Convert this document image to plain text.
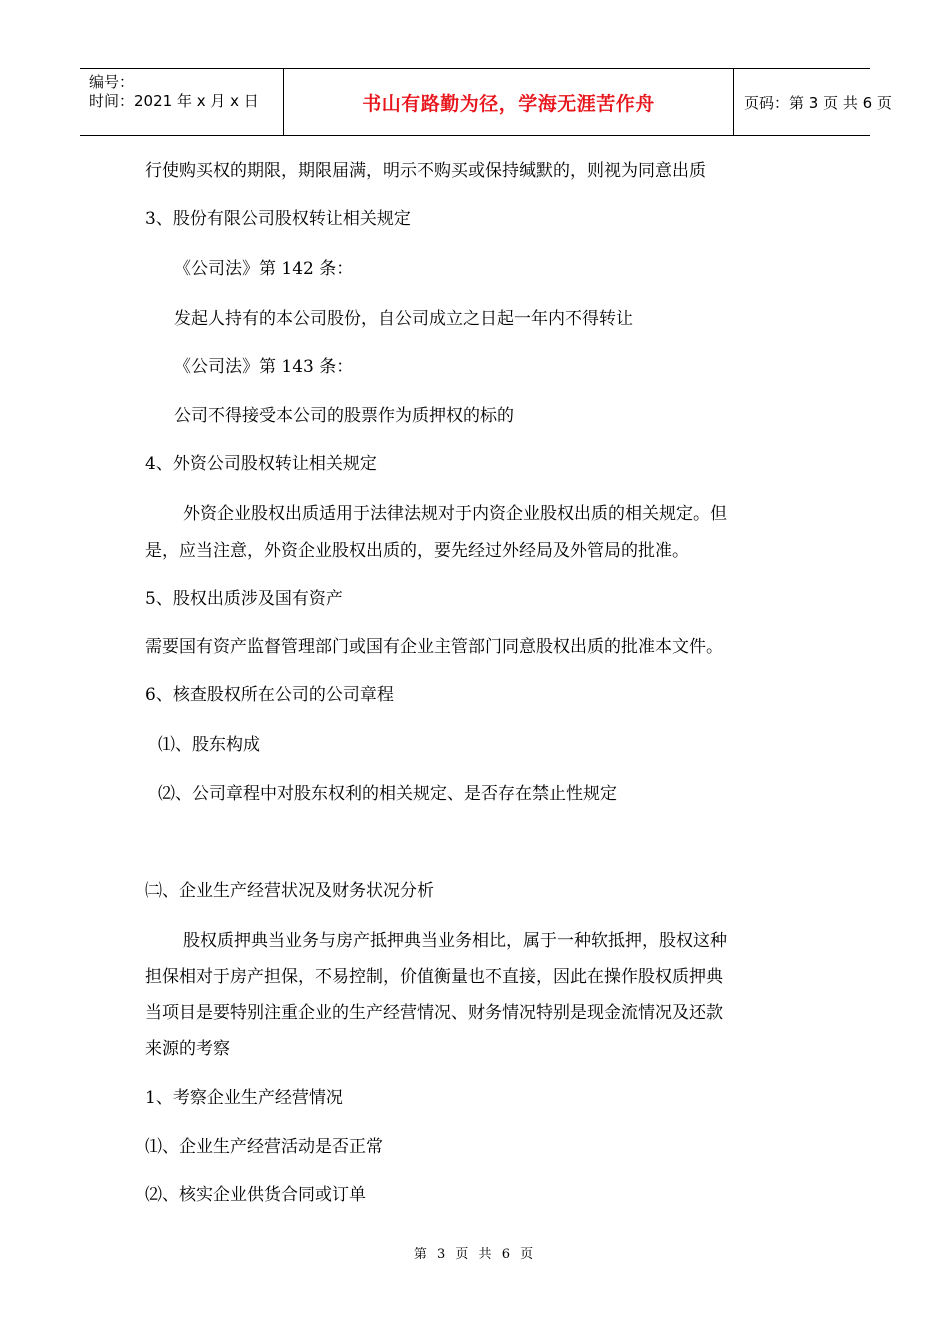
编号：
时间：2021 年 x 月 x 日	书山有路勤为径，学海无涯苦作舟	页码：第 3 页 共 6 页
行使购买权的期限，期限届满，明示不购买或保持缄默的，则视为同意出质
3、股份有限公司股权转让相关规定
《公司法》第 142 条：
发起人持有的本公司股份，自公司成立之日起一年内不得转让
《公司法》第 143 条：
公司不得接受本公司的股票作为质押权的标的
4、外资公司股权转让相关规定
外资企业股权出质适用于法律法规对于内资企业股权出质的相关规定。但
是，应当注意，外资企业股权出质的，要先经过外经局及外管局的批准。
5、股权出质涉及国有资产
需要国有资产监督管理部门或国有企业主管部门同意股权出质的批准本文件。
6、核查股权所在公司的公司章程
⑴、股东构成
⑵、公司章程中对股东权利的相关规定、是否存在禁止性规定
㈡、企业生产经营状况及财务状况分析
股权质押典当业务与房产抵押典当业务相比，属于一种软抵押，股权这种
担保相对于房产担保，不易控制，价值衡量也不直接，因此在操作股权质押典
当项目是要特别注重企业的生产经营情况、财务情况特别是现金流情况及还款
来源的考察
1、考察企业生产经营情况
⑴、企业生产经营活动是否正常
⑵、核实企业供货合同或订单
第 3 页 共 6 页
